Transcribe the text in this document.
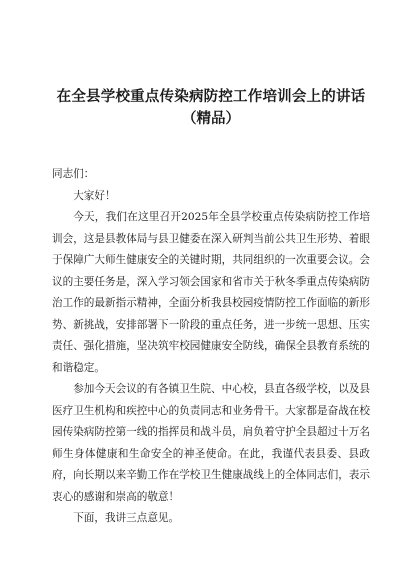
在全县学校重点传染病防控工作培训会上的讲话
（精品）

同志们：

大家好！

今天，我们在这里召开2025年全县学校重点传染病防控工作培训会，这是县教体局与县卫健委在深入研判当前公共卫生形势、着眼于保障广大师生健康安全的关键时期，共同组织的一次重要会议。会议的主要任务是，深入学习领会国家和省市关于秋冬季重点传染病防治工作的最新指示精神，全面分析我县校园疫情防控工作面临的新形势、新挑战，安排部署下一阶段的重点任务，进一步统一思想、压实责任、强化措施，坚决筑牢校园健康安全防线，确保全县教育系统的和谐稳定。

参加今天会议的有各镇卫生院、中心校，县直各级学校，以及县医疗卫生机构和疾控中心的负责同志和业务骨干。大家都是奋战在校园传染病防控第一线的指挥员和战斗员，肩负着守护全县超过十万名师生身体健康和生命安全的神圣使命。在此，我谨代表县委、县政府，向长期以来辛勤工作在学校卫生健康战线上的全体同志们，表示衷心的感谢和崇高的敬意！

下面，我讲三点意见。
